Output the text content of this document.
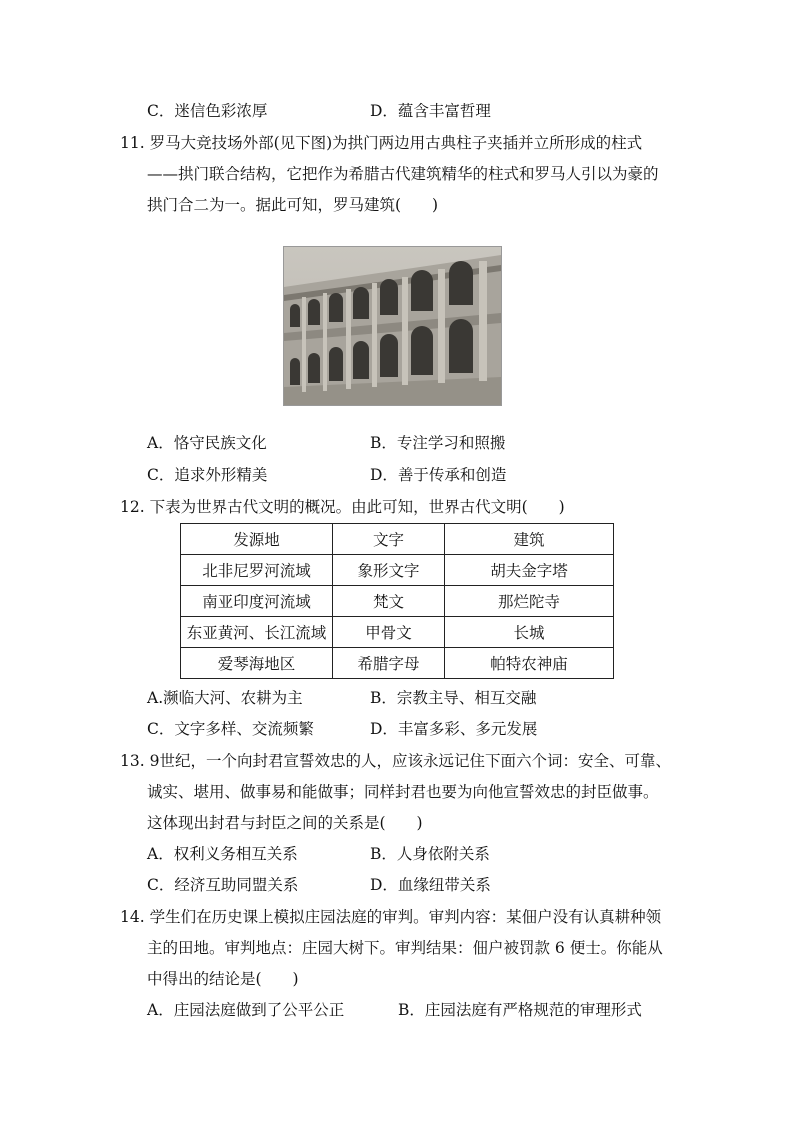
C．迷信色彩浓厚	D．蕴含丰富哲理
11. 罗马大竞技场外部(见下图)为拱门两边用古典柱子夹插并立所形成的柱式
——拱门联合结构，它把作为希腊古代建筑精华的柱式和罗马人引以为豪的
拱门合二为一。据此可知，罗马建筑(　　)
A．恪守民族文化	B．专注学习和照搬
C．追求外形精美	D．善于传承和创造
12. 下表为世界古代文明的概况。由此可知，世界古代文明(　　)
发源地	文字	建筑
北非尼罗河流域	象形文字	胡夫金字塔
南亚印度河流域	梵文	那烂陀寺
东亚黄河、长江流域	甲骨文	长城
爱琴海地区	希腊字母	帕特农神庙
A.濒临大河、农耕为主	B．宗教主导、相互交融
C．文字多样、交流频繁	D．丰富多彩、多元发展
13. 9世纪，一个向封君宣誓效忠的人，应该永远记住下面六个词：安全、可靠、
诚实、堪用、做事易和能做事；同样封君也要为向他宣誓效忠的封臣做事。
这体现出封君与封臣之间的关系是(　　)
A．权利义务相互关系	B．人身依附关系
C．经济互助同盟关系	D．血缘纽带关系
14. 学生们在历史课上模拟庄园法庭的审判。审判内容：某佃户没有认真耕种领
主的田地。审判地点：庄园大树下。审判结果：佃户被罚款 6 便士。你能从
中得出的结论是(　　)
A．庄园法庭做到了公平公正	B．庄园法庭有严格规范的审理形式
